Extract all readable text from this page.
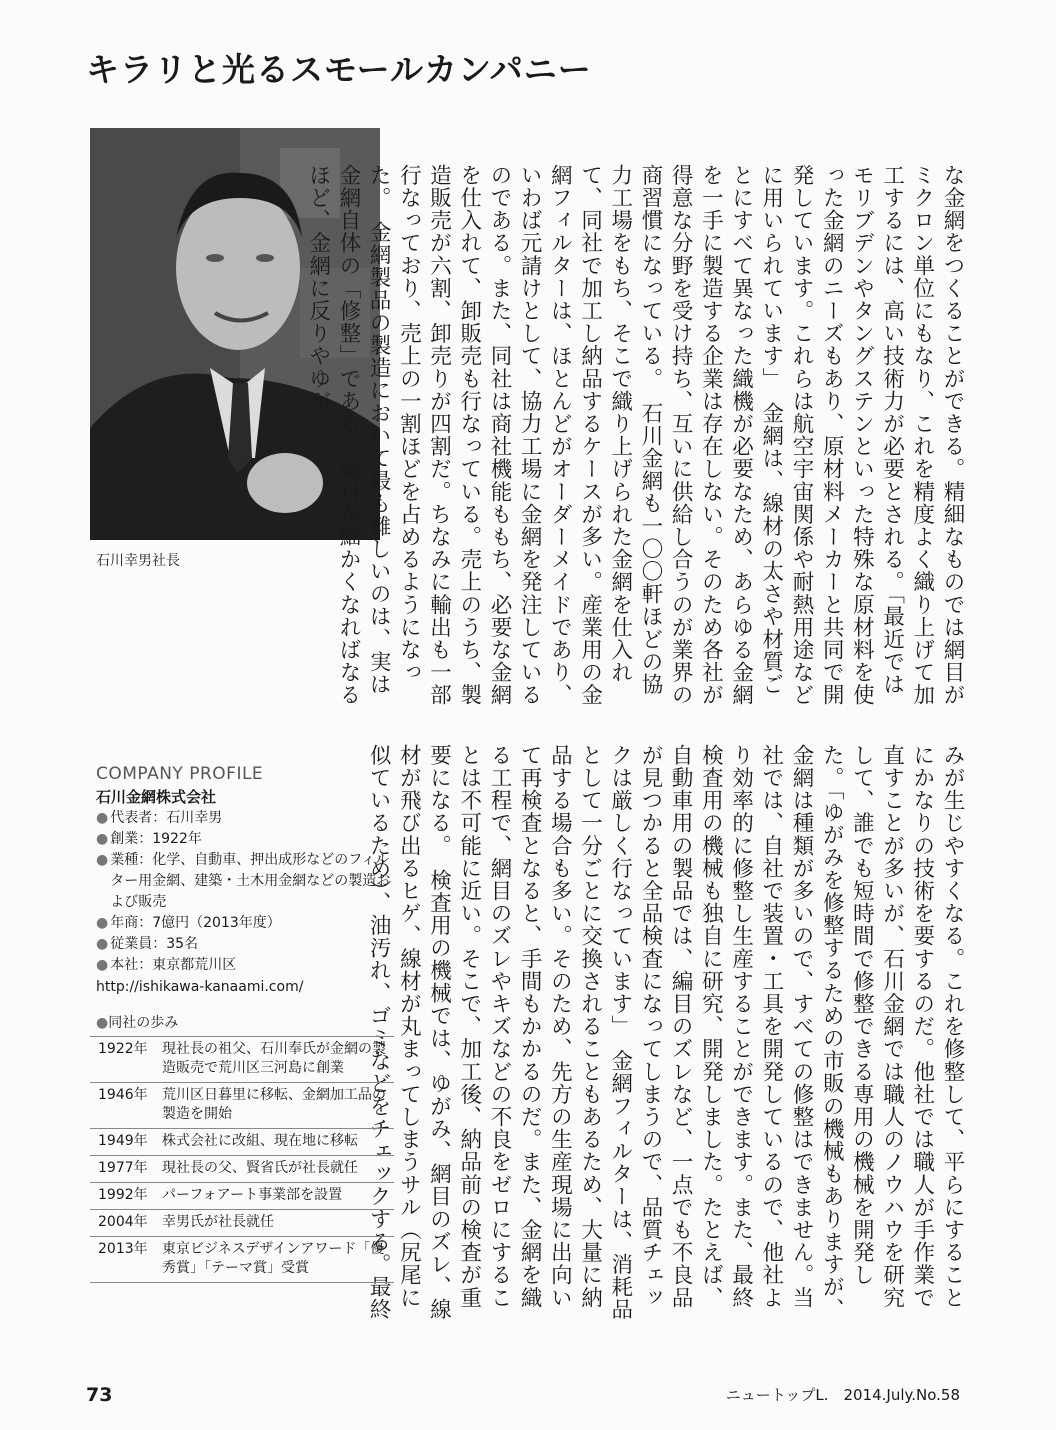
キラリと光るスモールカンパニー
石川幸男社長	な金網をつくることができる。精細なものでは網目がミクロン単位にもなり、これを精度よく織り上げて加工するには、高い技術力が必要とされる。「最近ではモリブデンやタングステンといった特殊な原材料を使った金網のニーズもあり、原材料メーカーと共同で開発しています。これらは航空宇宙関係や耐熱用途などに用いられています」　金網は、線材の太さや材質ごとにすべて異なった織機が必要なため、あらゆる金網を一手に製造する企業は存在しない。そのため各社が得意な分野を受け持ち、互いに供給し合うのが業界の商習慣になっている。　石川金網も一〇〇軒ほどの協力工場をもち、そこで織り上げられた金網を仕入れて、同社で加工し納品するケースが多い。産業用の金網フィルターは、ほとんどがオーダーメイドであり、いわば元請けとして、協力工場に金網を発注しているのである。また、同社は商社機能ももち、必要な金網を仕入れて、卸販売も行なっている。売上のうち、製造販売が六割、卸売りが四割だ。ちなみに輸出も一部行なっており、売上の一割ほどを占めるようになった。　金網製品の製造において最も難しいのは、実は金網自体の「修整」である。編目が細かくなればなるほど、金網に反りやゆが
みが生じやすくなる。これを修整して、平らにすることにかなりの技術を要するのだ。他社では職人が手作業で直すことが多いが、石川金網では職人のノウハウを研究して、誰でも短時間で修整できる専用の機械を開発した。「ゆがみを修整するための市販の機械もありますが、金網は種類が多いので、すべての修整はできません。当社では、自社で装置・工具を開発しているので、他社より効率的に修整し生産することができます。また、最終検査用の機械も独自に研究、開発しました。たとえば、自動車用の製品では、編目のズレなど、一点でも不良品が見つかると全品検査になってしまうので、品質チェックは厳しく行なっています」　金網フィルターは、消耗品として一分ごとに交換されることもあるため、大量に納品する場合も多い。そのため、先方の生産現場に出向いて再検査となると、手間もかかるのだ。また、金網を織る工程で、網目のズレやキズなどの不良をゼロにすることは不可能に近い。そこで、加工後、納品前の検査が重要になる。　検査用の機械では、ゆがみ、網目のズレ、線材が飛び出るヒゲ、線材が丸まってしまうサル（尻尾に似ているため）、油汚れ、ゴミなどをチェックする。最終
COMPANY PROFILE
石川金網株式会社
● 代表者：石川幸男
● 創業：1922年
● 業種：化学、自動車、押出成形などのフィルター用金網、建築・土木用金網などの製造および販売
● 年商：7億円（2013年度）
● 従業員：35名
● 本社：東京都荒川区
http://ishikawa-kanaami.com/
●同社の歩み
1922年	現社長の祖父、石川奉氏が金網の製造販売で荒川区三河島に創業
1946年	荒川区日暮里に移転、金網加工品の製造を開始
1949年	株式会社に改組、現在地に移転
1977年	現社長の父、賢省氏が社長就任
1992年	パーフォアート事業部を設置
2004年	幸男氏が社長就任
2013年	東京ビジネスデザインアワード「優秀賞」「テーマ賞」受賞
73	ニュートップL.　2014.July.No.58
